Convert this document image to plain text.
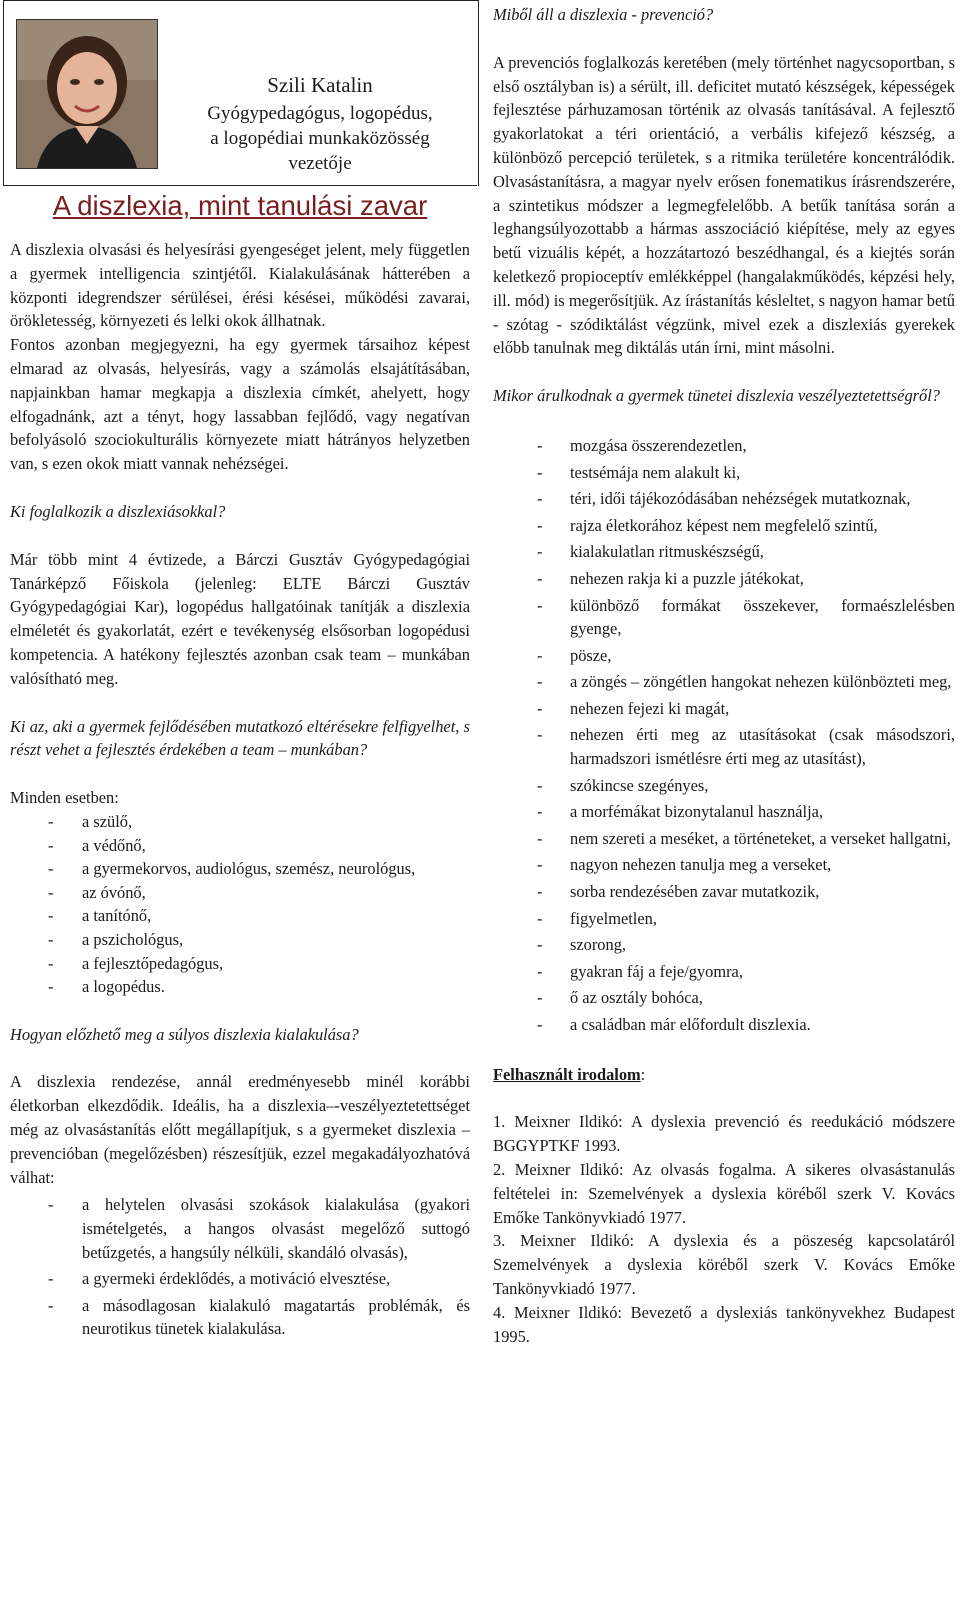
Szili Katalin
Gyógypedagógus, logopédus,
a logopédiai munkaközösség
vezetője
A diszlexia, mint tanulási zavar

A diszlexia olvasási és helyesírási gyengeséget jelent, mely független a gyermek intelligencia szintjétől. Kialakulásának hátterében a központi idegrendszer sérülései, érési késései, működési zavarai, örökletesség, környezeti és lelki okok állhatnak.

Fontos azonban megjegyezni, ha egy gyermek társaihoz képest elmarad az olvasás, helyesírás, vagy a számolás elsajátításában, napjainkban hamar megkapja a diszlexia címkét, ahelyett, hogy elfogadnánk, azt a tényt, hogy lassabban fejlődő, vagy negatívan befolyásoló szociokulturális környezete miatt hátrányos helyzetben van, s ezen okok miatt vannak nehézségei.

Ki foglalkozik a diszlexiásokkal?

Már több mint 4 évtizede, a Bárczi Gusztáv Gyógypedagógiai Tanárképző Főiskola (jelenleg: ELTE Bárczi Gusztáv Gyógypedagógiai Kar), logopédus hallgatóinak tanítják a diszlexia elméletét és gyakorlatát, ezért e tevékenység elsősorban logopédusi kompetencia. A hatékony fejlesztés azonban csak team – munkában valósítható meg.

Ki az, aki a gyermek fejlődésében mutatkozó eltérésekre felfigyelhet, s részt vehet a fejlesztés érdekében a team – munkában?

Minden esetben:

- a szülő,
- a védőnő,
- a gyermekorvos, audiológus, szemész, neurológus,
- az óvónő,
- a tanítónő,
- a pszichológus,
- a fejlesztőpedagógus,
- a logopédus.

Hogyan előzhető meg a súlyos diszlexia kialakulása?

A diszlexia rendezése, annál eredményesebb minél korábbi életkorban elkezdődik. Ideális, ha a diszlexia–-veszélyeztetettséget még az olvasástanítás előtt megállapítjuk, s a gyermeket diszlexia – prevencióban (megelőzésben) részesítjük, ezzel megakadályozhatóvá válhat:

- a helytelen olvasási szokások kialakulása (gyakori ismételgetés, a hangos olvasást megelőző suttogó betűzgetés, a hangsúly nélküli, skandáló olvasás),
- a gyermeki érdeklődés, a motiváció elvesztése,
- a másodlagosan kialakuló magatartás problémák, és neurotikus tünetek kialakulása.

Miből áll a diszlexia - prevenció?

A prevenciós foglalkozás keretében (mely történhet nagycsoportban, s első osztályban is) a sérült, ill. deficitet mutató készségek, képességek fejlesztése párhuzamosan történik az olvasás tanításával. A fejlesztő gyakorlatokat a téri orientáció, a verbális kifejező készség, a különböző percepció területek, s a ritmika területére koncentrálódik. Olvasástanításra, a magyar nyelv erősen fonematikus írásrendszerére, a szintetikus módszer a legmegfelelőbb. A betűk tanítása során a leghangsúlyozottabb a hármas asszociáció kiépítése, mely az egyes betű vizuális képét, a hozzátartozó beszédhangal, és a kiejtés során keletkező propioceptív emlékképpel (hangalakműködés, képzési hely, ill. mód) is megerősítjük. Az írástanítás késleltet, s nagyon hamar betű - szótag - szódiktálást végzünk, mivel ezek a diszlexiás gyerekek előbb tanulnak meg diktálás után írni, mint másolni.

Mikor árulkodnak a gyermek tünetei diszlexia veszélyeztetettségről?

- mozgása összerendezetlen,
- testsémája nem alakult ki,
- téri, idői tájékozódásában nehézségek mutatkoznak,
- rajza életkorához képest nem megfelelő szintű,
- kialakulatlan ritmuskészségű,
- nehezen rakja ki a puzzle játékokat,
- különböző formákat összekever, formaészlelésben gyenge,
- pösze,
- a zöngés – zöngétlen hangokat nehezen különbözteti meg,
- nehezen fejezi ki magát,
- nehezen érti meg az utasításokat (csak másodszori, harmadszori ismétlésre érti meg az utasítást),
- szókincse szegényes,
- a morfémákat bizonytalanul használja,
- nem szereti a meséket, a történeteket, a verseket hallgatni,
- nagyon nehezen tanulja meg a verseket,
- sorba rendezésében zavar mutatkozik,
- figyelmetlen,
- szorong,
- gyakran fáj a feje/gyomra,
- ő az osztály bohóca,
- a családban már előfordult diszlexia.

Felhasznált irodalom:

1. Meixner Ildikó: A dyslexia prevenció és reedukáció módszere BGGYPTKF 1993.

2. Meixner Ildikó: Az olvasás fogalma. A sikeres olvasástanulás feltételei in: Szemelvények a dyslexia köréből szerk V. Kovács Emőke Tankönyvkiadó 1977.

3. Meixner Ildikó: A dyslexia és a pöszeség kapcsolatáról Szemelvények a dyslexia köréből szerk V. Kovács Emőke Tankönyvkiadó 1977.

4. Meixner Ildikó: Bevezető a dyslexiás tankönyvekhez Budapest 1995.
